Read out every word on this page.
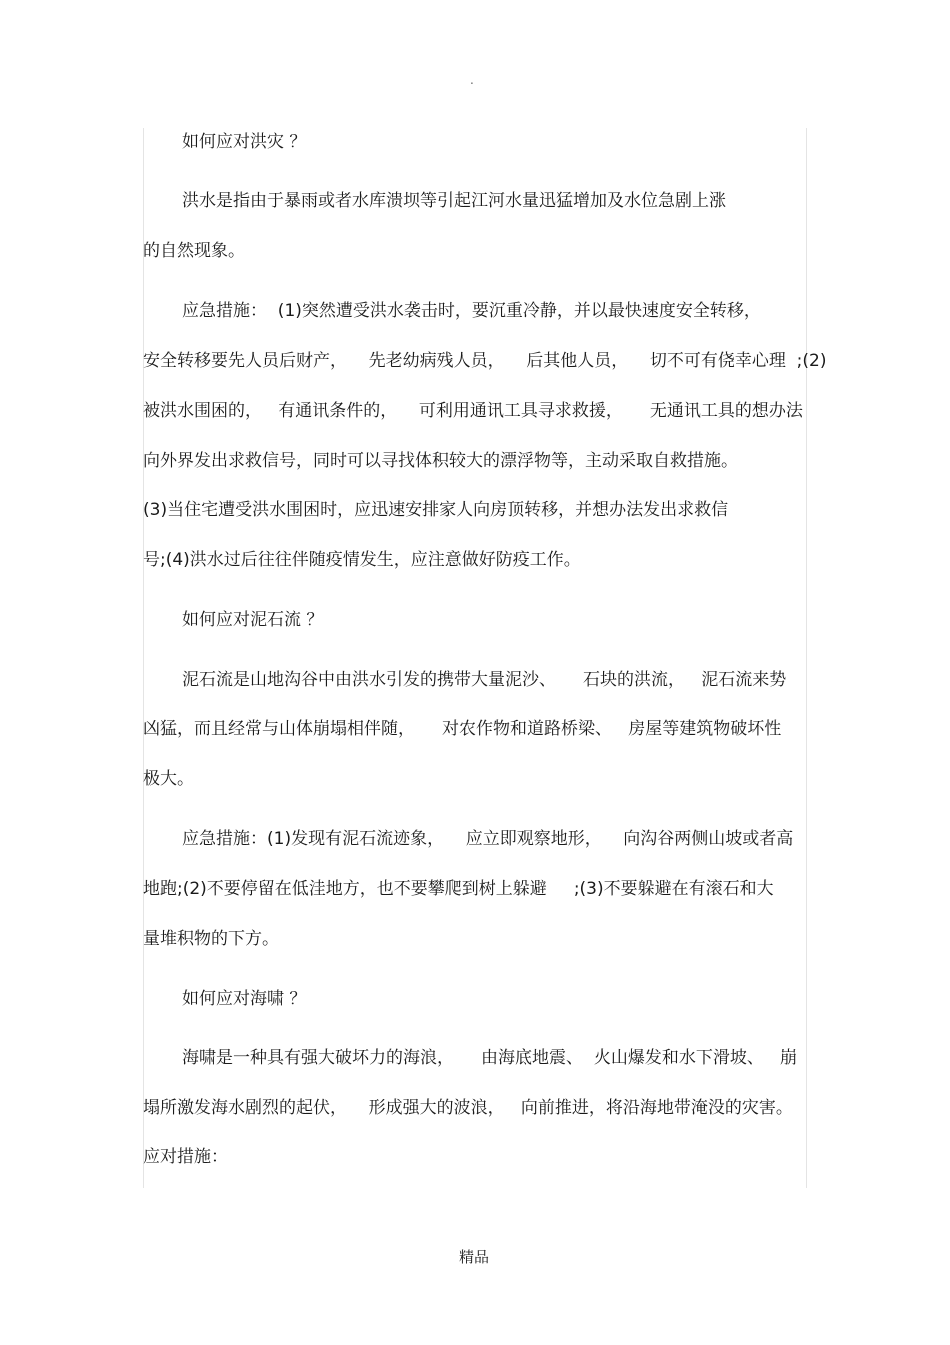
.
如何应对洪灾 ？
洪水是指由于暴雨或者水库溃坝等引起江河水量迅猛增加及水位急剧上涨
的自然现象。
应急措施：  (1)突然遭受洪水袭击时，要沉重冷静，并以最快速度安全转移，
安全转移要先人员后财产，    先老幼病残人员，    后其他人员，    切不可有侥幸心理  ;(2)
被洪水围困的，   有通讯条件的，    可利用通讯工具寻求救援，     无通讯工具的想办法
向外界发出求救信号，同时可以寻找体积较大的漂浮物等，主动采取自救措施。
(3)当住宅遭受洪水围困时，应迅速安排家人向房顶转移，并想办法发出求救信
号;(4)洪水过后往往伴随疫情发生，应注意做好防疫工作。
如何应对泥石流 ？
泥石流是山地沟谷中由洪水引发的携带大量泥沙、     石块的洪流，   泥石流来势
凶猛，而且经常与山体崩塌相伴随，     对农作物和道路桥梁、   房屋等建筑物破坏性
极大。
应急措施：(1)发现有泥石流迹象，    应立即观察地形，    向沟谷两侧山坡或者高
地跑;(2)不要停留在低洼地方，也不要攀爬到树上躲避     ;(3)不要躲避在有滚石和大
量堆积物的下方。
如何应对海啸 ？
海啸是一种具有强大破坏力的海浪，     由海底地震、  火山爆发和水下滑坡、   崩
塌所激发海水剧烈的起伏，    形成强大的波浪，   向前推进，将沿海地带淹没的灾害。
应对措施：
精品
